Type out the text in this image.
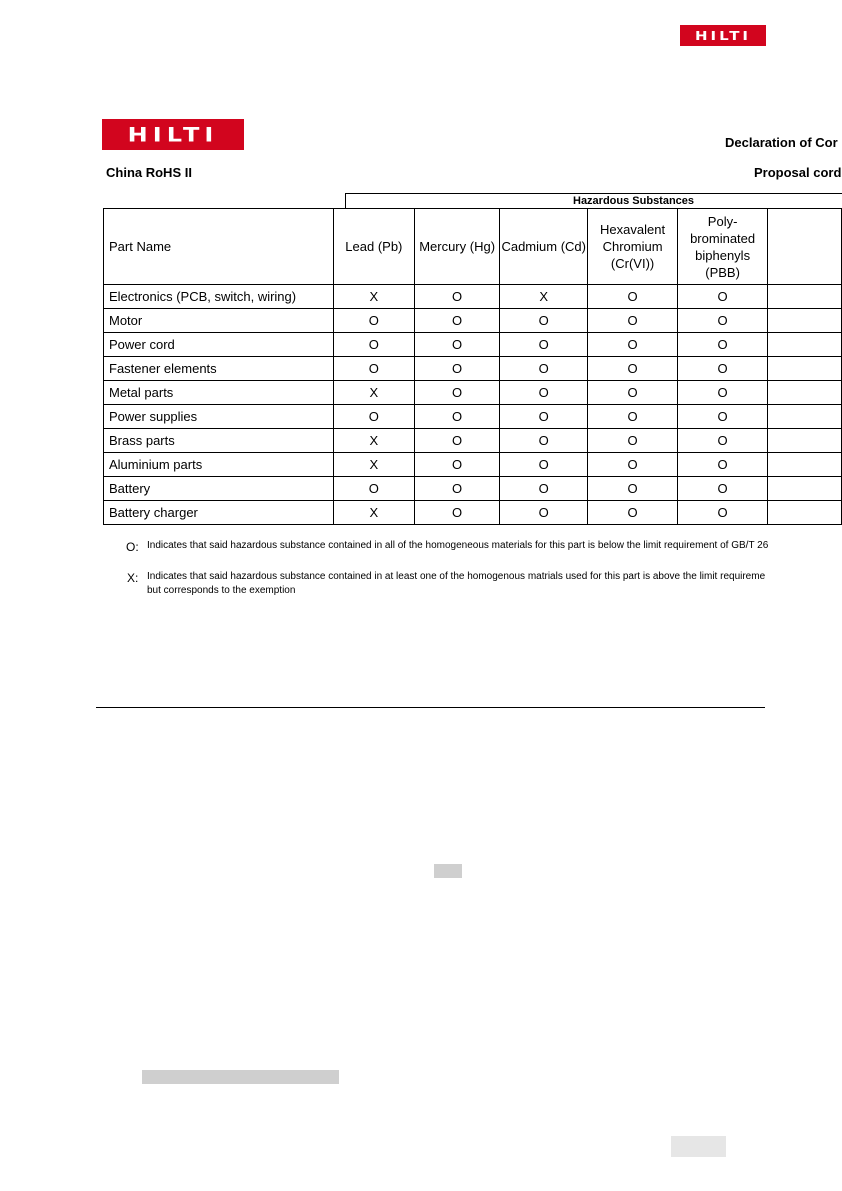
HILTI
HILTI	Declaration of Cor
China RoHS II	Proposal cord
Hazardous Substances
Part Name	Lead (Pb)	Mercury (Hg)	Cadmium (Cd)	Hexavalent Chromium (Cr(VI))	Poly-brominated biphenyls (PBB)	
Electronics (PCB, switch, wiring)	X	O	X	O	O	
Motor	O	O	O	O	O	
Power cord	O	O	O	O	O	
Fastener elements	O	O	O	O	O	
Metal parts	X	O	O	O	O	
Power supplies	O	O	O	O	O	
Brass parts	X	O	O	O	O	
Aluminium parts	X	O	O	O	O	
Battery	O	O	O	O	O	
Battery charger	X	O	O	O	O	
O: Indicates that said hazardous substance contained in all of the homogeneous materials for this part is below the limit requirement of GB/T 26
X: Indicates that said hazardous substance contained in at least one of the homogenous matrials used for this part is above the limit requireme
but corresponds to the exemption
